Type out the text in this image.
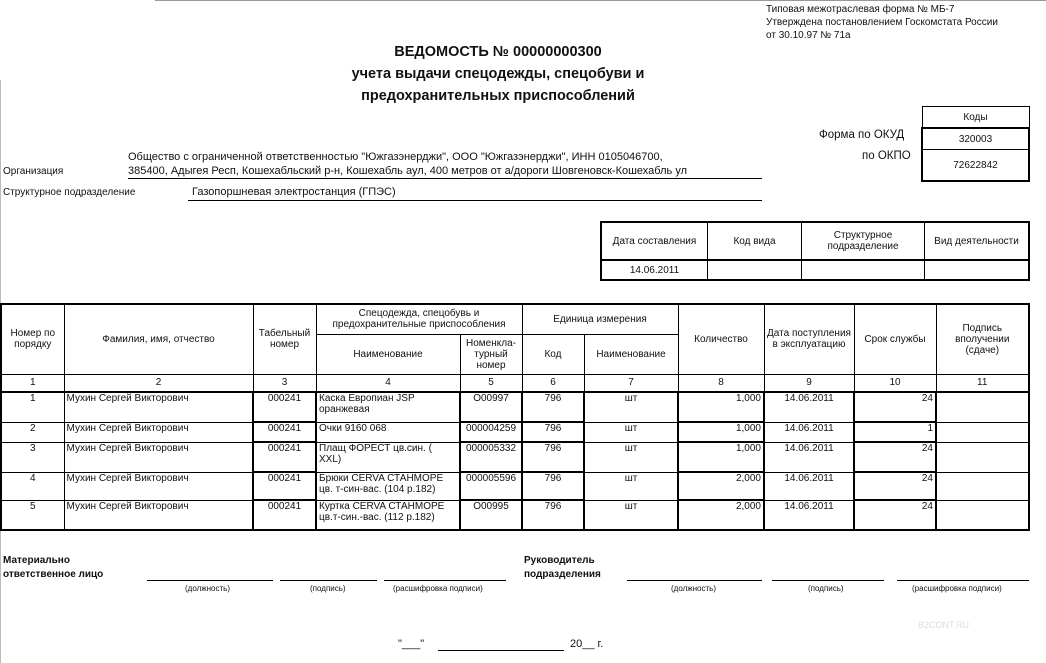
Типовая межотраслевая форма № МБ-7
Утверждена постановлением Госкомстата России
от 30.10.97 № 71а
ВЕДОМОСТЬ № 00000000300
учета выдачи спецодежды, спецобуви и
предохранительных приспособлений
Форма по ОКУД
по ОКПО
Коды
320003
72622842
Общество с ограниченной ответственностью "Южгазэнерджи", ООО "Южгазэнерджи", ИНН 0105046700,
385400, Адыгея Респ, Кошехабльский р-н, Кошехабль аул, 400 метров от а/дороги Шовгеновск-Кошехабль ул
Организация
Структурное подразделение	Газопоршневая электростанция (ГПЭС)
Дата составления	Код вида	Структурное подразделение	Вид деятельности
14.06.2011			
Номер по порядку	Фамилия, имя, отчество	Табельный номер	Спецодежда, спецобувь и предохранительные приспособления		Единица измерения		Количество	Дата поступления в эксплуатацию	Срок службы	Подпись вполучении (сдаче)
			Наименование	Номенкла-турный номер	Код	Наименование				
1	2	3	4	5	6	7	8	9	10	11
1	Мухин Сергей Викторович	000241	Каска Европиан JSP
оранжевая	О00997	796	шт	1,000	14.06.2011	24	
2	Мухин Сергей Викторович	000241	Очки 9160 068	000004259	796	шт	1,000	14.06.2011	1	
3	Мухин Сергей Викторович	000241	Плащ ФОРЕСТ цв.син. (
XXL)	000005332	796	шт	1,000	14.06.2011	24	
4	Мухин Сергей Викторович	000241	Брюки CERVA СТАНМОРЕ
цв. т-син-вас. (104 р.182)	000005596	796	шт	2,000	14.06.2011	24	
5	Мухин Сергей Викторович	000241	Куртка CERVA СТАНМОРЕ
цв.т-син.-вас. (112 р.182)	О00995	796	шт	2,000	14.06.2011	24	
Материально
ответственное лицо
(должность)	(подпись)	(расшифровка подписи)
Руководитель
подразделения
(должность)	(подпись)	(расшифровка подписи)
"___"	20__ г.
B2CONT.RU
